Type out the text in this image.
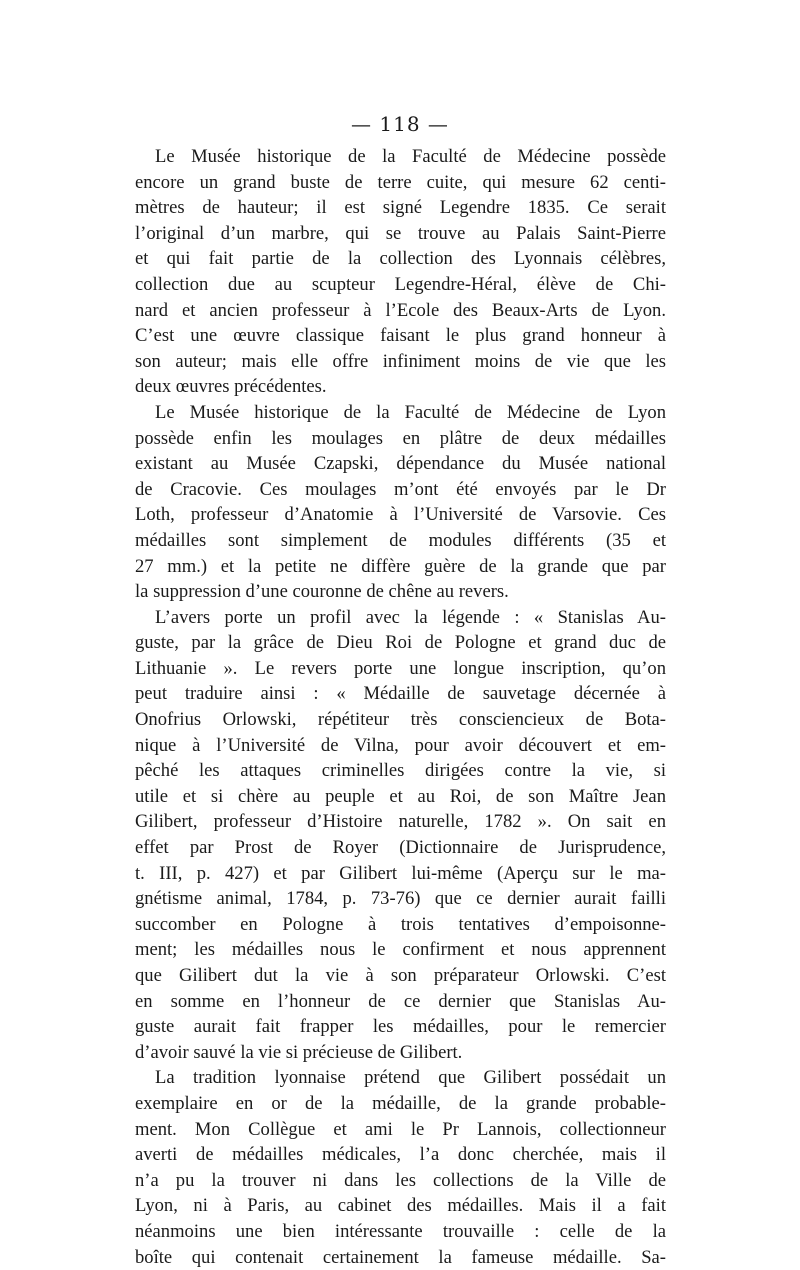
— 118 —
Le Musée historique de la Faculté de Médecine possède
encore un grand buste de terre cuite, qui mesure 62 centi-
mètres de hauteur; il est signé Legendre 1835. Ce serait
l’original d’un marbre, qui se trouve au Palais Saint-Pierre
et qui fait partie de la collection des Lyonnais célèbres,
collection due au scupteur Legendre-Héral, élève de Chi-
nard et ancien professeur à l’Ecole des Beaux-Arts de Lyon.
C’est une œuvre classique faisant le plus grand honneur à
son auteur; mais elle offre infiniment moins de vie que les
deux œuvres précédentes.
Le Musée historique de la Faculté de Médecine de Lyon
possède enfin les moulages en plâtre de deux médailles
existant au Musée Czapski, dépendance du Musée national
de Cracovie. Ces moulages m’ont été envoyés par le Dr
Loth, professeur d’Anatomie à l’Université de Varsovie. Ces
médailles sont simplement de modules différents (35 et
27 mm.) et la petite ne diffère guère de la grande que par
la suppression d’une couronne de chêne au revers.
L’avers porte un profil avec la légende : « Stanislas Au-
guste, par la grâce de Dieu Roi de Pologne et grand duc de
Lithuanie ». Le revers porte une longue inscription, qu’on
peut traduire ainsi : « Médaille de sauvetage décernée à
Onofrius Orlowski, répétiteur très consciencieux de Bota-
nique à l’Université de Vilna, pour avoir découvert et em-
pêché les attaques criminelles dirigées contre la vie, si
utile et si chère au peuple et au Roi, de son Maître Jean
Gilibert, professeur d’Histoire naturelle, 1782 ». On sait en
effet par Prost de Royer (Dictionnaire de Jurisprudence,
t. III, p. 427) et par Gilibert lui-même (Aperçu sur le ma-
gnétisme animal, 1784, p. 73-76) que ce dernier aurait failli
succomber en Pologne à trois tentatives d’empoisonne-
ment; les médailles nous le confirment et nous apprennent
que Gilibert dut la vie à son préparateur Orlowski. C’est
en somme en l’honneur de ce dernier que Stanislas Au-
guste aurait fait frapper les médailles, pour le remercier
d’avoir sauvé la vie si précieuse de Gilibert.
La tradition lyonnaise prétend que Gilibert possédait un
exemplaire en or de la médaille, de la grande probable-
ment. Mon Collègue et ami le Pr Lannois, collectionneur
averti de médailles médicales, l’a donc cherchée, mais il
n’a pu la trouver ni dans les collections de la Ville de
Lyon, ni à Paris, au cabinet des médailles. Mais il a fait
néanmoins une bien intéressante trouvaille : celle de la
boîte qui contenait certainement la fameuse médaille. Sa-
